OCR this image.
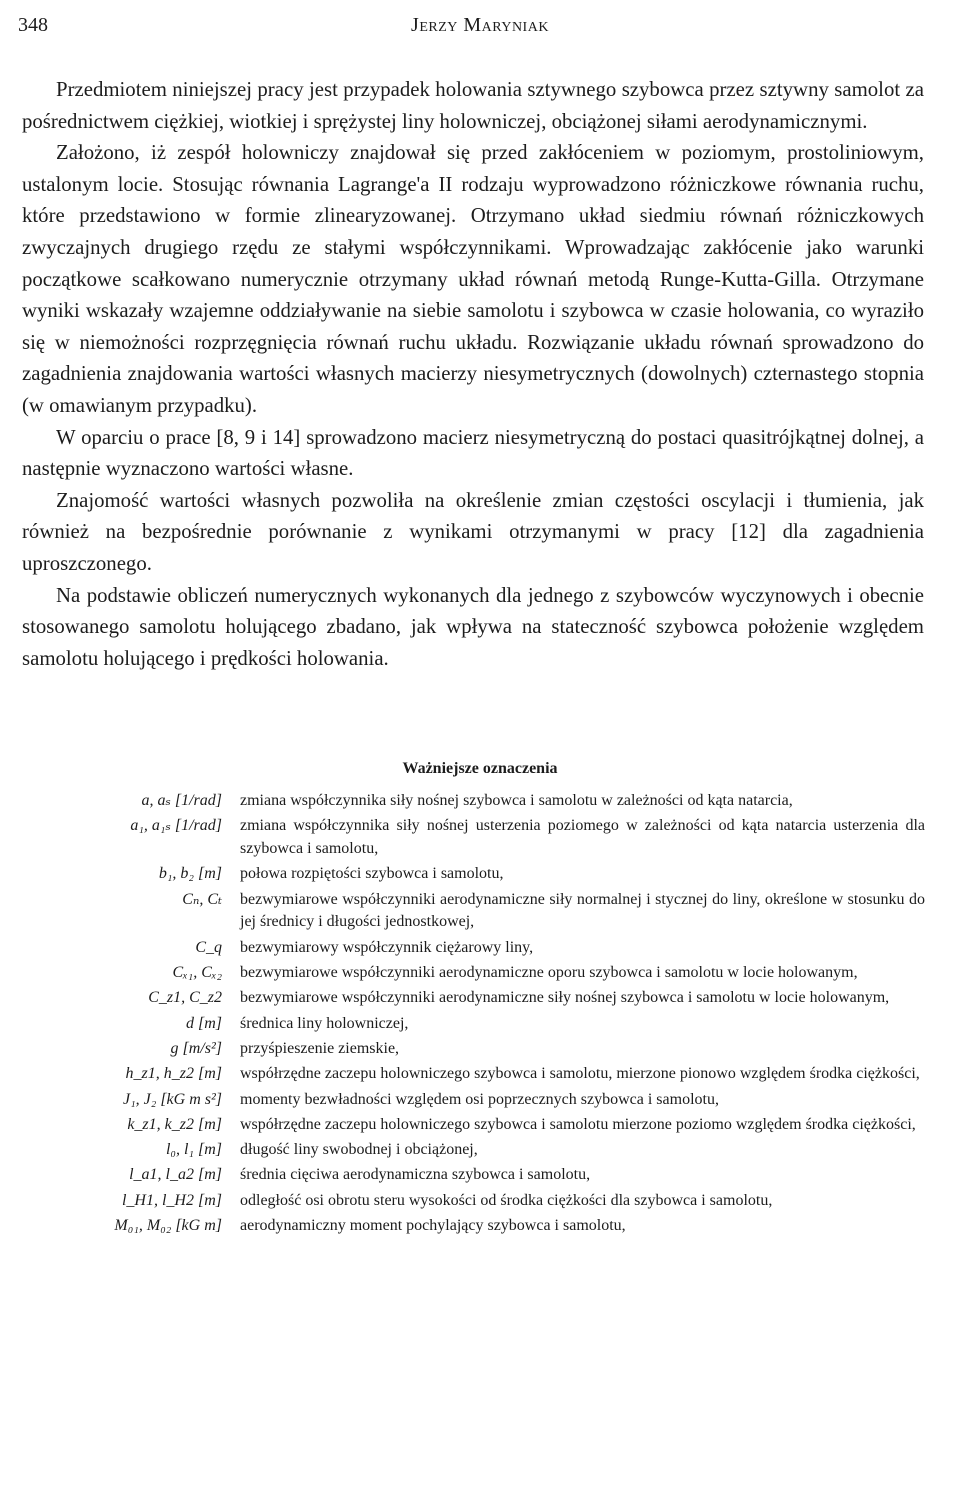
348	Jerzy Maryniak

Przedmiotem niniejszej pracy jest przypadek holowania sztywnego szybowca przez sztywny samolot za pośrednictwem ciężkiej, wiotkiej i sprężystej liny holowniczej, obciążonej siłami aerodynamicznymi.

Założono, iż zespół holowniczy znajdował się przed zakłóceniem w poziomym, prostoliniowym, ustalonym locie. Stosując równania Lagrange'a II rodzaju wyprowadzono różniczkowe równania ruchu, które przedstawiono w formie zlinearyzowanej. Otrzymano układ siedmiu równań różniczkowych zwyczajnych drugiego rzędu ze stałymi współczynnikami. Wprowadzając zakłócenie jako warunki początkowe scałkowano numerycznie otrzymany układ równań metodą Runge-Kutta-Gilla. Otrzymane wyniki wskazały wzajemne oddziaływanie na siebie samolotu i szybowca w czasie holowania, co wyraziło się w niemożności rozprzęgnięcia równań ruchu układu. Rozwiązanie układu równań sprowadzono do zagadnienia znajdowania wartości własnych macierzy niesymetrycznych (dowolnych) czternastego stopnia (w omawianym przypadku).

W oparciu o prace [8, 9 i 14] sprowadzono macierz niesymetryczną do postaci quasitrójkątnej dolnej, a następnie wyznaczono wartości własne.

Znajomość wartości własnych pozwoliła na określenie zmian częstości oscylacji i tłumienia, jak również na bezpośrednie porównanie z wynikami otrzymanymi w pracy [12] dla zagadnienia uproszczonego.

Na podstawie obliczeń numerycznych wykonanych dla jednego z szybowców wyczynowych i obecnie stosowanego samolotu holującego zbadano, jak wpływa na stateczność szybowca położenie względem samolotu holującego i prędkości holowania.

Ważniejsze oznaczenia
a, aₛ [1/rad]	zmiana współczynnika siły nośnej szybowca i samolotu w zależności od kąta natarcia,
a₁, a₁ₛ [1/rad]	zmiana współczynnika siły nośnej usterzenia poziomego w zależności od kąta natarcia usterzenia dla szybowca i samolotu,
b₁, b₂ [m]	połowa rozpiętości szybowca i samolotu,
Cₙ, Cₜ	bezwymiarowe współczynniki aerodynamiczne siły normalnej i stycznej do liny, określone w stosunku do jej średnicy i długości jednostkowej,
C_q	bezwymiarowy współczynnik ciężarowy liny,
Cₓ₁, Cₓ₂	bezwymiarowe współczynniki aerodynamiczne oporu szybowca i samolotu w locie holowanym,
C_z1, C_z2	bezwymiarowe współczynniki aerodynamiczne siły nośnej szybowca i samolotu w locie holowanym,
d [m]	średnica liny holowniczej,
g [m/s²]	przyśpieszenie ziemskie,
h_z1, h_z2 [m]	współrzędne zaczepu holowniczego szybowca i samolotu, mierzone pionowo względem środka ciężkości,
J₁, J₂ [kG m s²]	momenty bezwładności względem osi poprzecznych szybowca i samolotu,
k_z1, k_z2 [m]	współrzędne zaczepu holowniczego szybowca i samolotu mierzone poziomo względem środka ciężkości,
l₀, l₁ [m]	długość liny swobodnej i obciążonej,
l_a1, l_a2 [m]	średnia cięciwa aerodynamiczna szybowca i samolotu,
l_H1, l_H2 [m]	odległość osi obrotu steru wysokości od środka ciężkości dla szybowca i samolotu,
M₀₁, M₀₂ [kG m]	aerodynamiczny moment pochylający szybowca i samolotu,
